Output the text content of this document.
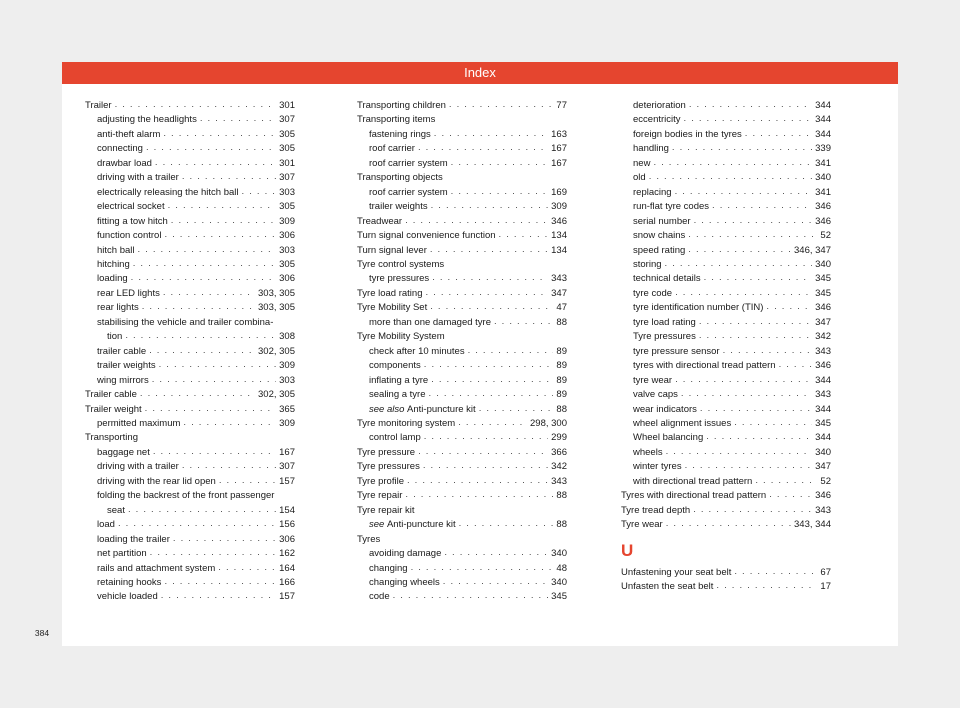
Index
Trailer . . .	301
adjusting the headlights . . .	307
anti-theft alarm . . .	305
connecting . . .	305
drawbar load . . .	301
driving with a trailer . . .	307
electrically releasing the hitch ball . . .	303
electrical socket . . .	305
fitting a tow hitch . . .	309
function control . . .	306
hitch ball . . .	303
hitching . . .	305
loading . . .	306
rear LED lights . . .	303, 305
rear lights . . .	303, 305
stabilising the vehicle and trailer combina-
tion . . .	308
trailer cable . . .	302, 305
trailer weights . . .	309
wing mirrors . . .	303
Trailer cable . . .	302, 305
Trailer weight . . .	365
permitted maximum . . .	309
Transporting
baggage net . . .	167
driving with a trailer . . .	307
driving with the rear lid open . . .	157
folding the backrest of the front passenger
seat . . .	154
load . . .	156
loading the trailer . . .	306
net partition . . .	162
rails and attachment system . . .	164
retaining hooks . . .	166
vehicle loaded . . .	157
Transporting children . . .	77
Transporting items
fastening rings . . .	163
roof carrier . . .	167
roof carrier system . . .	167
Transporting objects
roof carrier system . . .	169
trailer weights . . .	309
Treadwear . . .	346
Turn signal convenience function . . .	134
Turn signal lever . . .	134
Tyre control systems
tyre pressures . . .	343
Tyre load rating . . .	347
Tyre Mobility Set . . .	47
more than one damaged tyre . . .	88
Tyre Mobility System
check after 10 minutes . . .	89
components . . .	89
inflating a tyre . . .	89
sealing a tyre . . .	89
see also Anti-puncture kit . . .	88
Tyre monitoring system . . .	298, 300
control lamp . . .	299
Tyre pressure . . .	366
Tyre pressures . . .	342
Tyre profile . . .	343
Tyre repair . . .	88
Tyre repair kit
see Anti-puncture kit . . .	88
Tyres
avoiding damage . . .	340
changing . . .	48
changing wheels . . .	340
code . . .	345
deterioration . . .	344
eccentricity . . .	344
foreign bodies in the tyres . . .	344
handling . . .	339
new . . .	341
old . . .	340
replacing . . .	341
run-flat tyre codes . . .	346
serial number . . .	346
snow chains . . .	52
speed rating . . .	346, 347
storing . . .	340
technical details . . .	345
tyre code . . .	345
tyre identification number (TIN) . . .	346
tyre load rating . . .	347
Tyre pressures . . .	342
tyre pressure sensor . . .	343
tyres with directional tread pattern . . .	346
tyre wear . . .	344
valve caps . . .	343
wear indicators . . .	344
wheel alignment issues . . .	345
Wheel balancing . . .	344
wheels . . .	340
winter tyres . . .	347
with directional tread pattern . . .	52
Tyres with directional tread pattern . . .	346
Tyre tread depth . . .	343
Tyre wear . . .	343, 344
U
Unfastening your seat belt . . .	67
Unfasten the seat belt . . .	17
384
